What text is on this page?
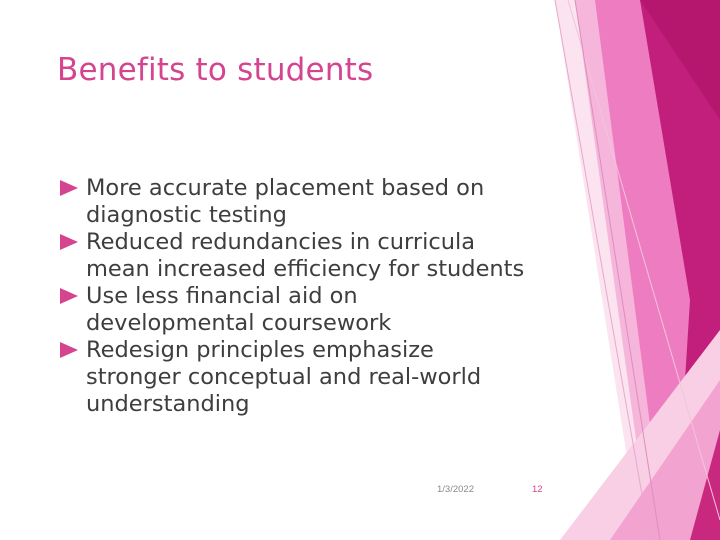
Benefits to students
More accurate placement based on diagnostic testing
Reduced redundancies in curricula mean increased efficiency for students
Use less financial aid on developmental coursework
Redesign principles emphasize stronger conceptual and real-world understanding
1/3/2022	12
